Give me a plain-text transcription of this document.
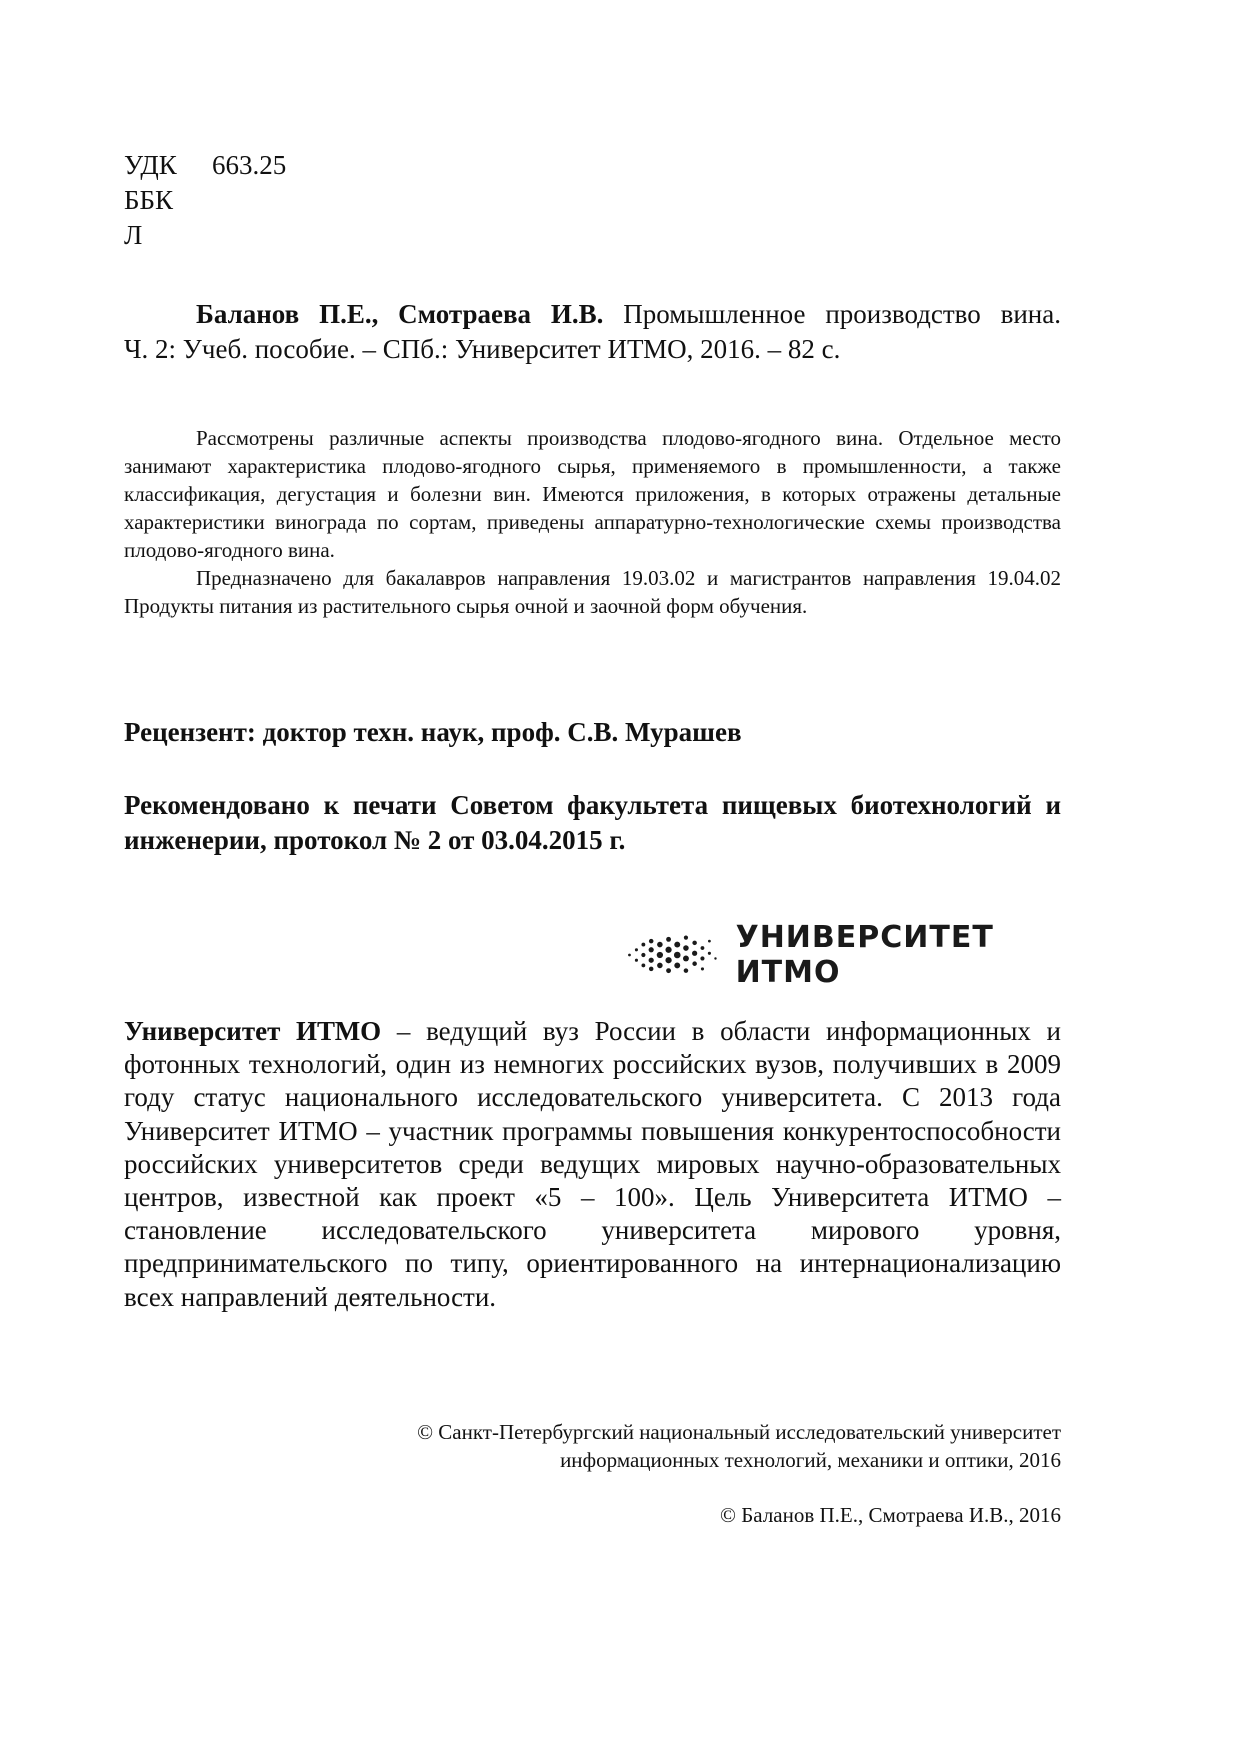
УДК	663.25
ББК
Л
Баланов П.Е., Смотраева И.В. Промышленное производство вина.
Ч. 2: Учеб. пособие. – СПб.: Университет ИТМО, 2016. – 82 с.
Рассмотрены различные аспекты производства плодово-ягодного вина. Отдельное место занимают характеристика плодово-ягодного сырья, применяемого в промышленности, а также классификация, дегустация и болезни вин. Имеются приложения, в которых отражены детальные характеристики винограда по сортам, приведены аппаратурно-технологические схемы производства плодово-ягодного вина.
Предназначено для бакалавров направления 19.03.02 и магистрантов направления 19.04.02 Продукты питания из растительного сырья очной и заочной форм обучения.
Рецензент: доктор техн. наук, проф. С.В. Мурашев
Рекомендовано к печати Советом факультета пищевых биотехнологий и инженерии, протокол № 2 от 03.04.2015 г.
УНИВЕРСИТЕТ ИТМО

Университет ИТМО – ведущий вуз России в области информационных и фотонных технологий, один из немногих российских вузов, получивших в 2009 году статус национального исследовательского университета. С 2013 года Университет ИТМО – участник программы повышения конкурентоспособности российских университетов среди ведущих мировых научно-образовательных центров, известной как проект «5 – 100». Цель Университета ИТМО – становление исследовательского университета мирового уровня, предпринимательского по типу, ориентированного на интернационализацию всех направлений деятельности.

© Санкт-Петербургский национальный исследовательский университет
информационных технологий, механики и оптики, 2016
© Баланов П.Е., Смотраева И.В., 2016
